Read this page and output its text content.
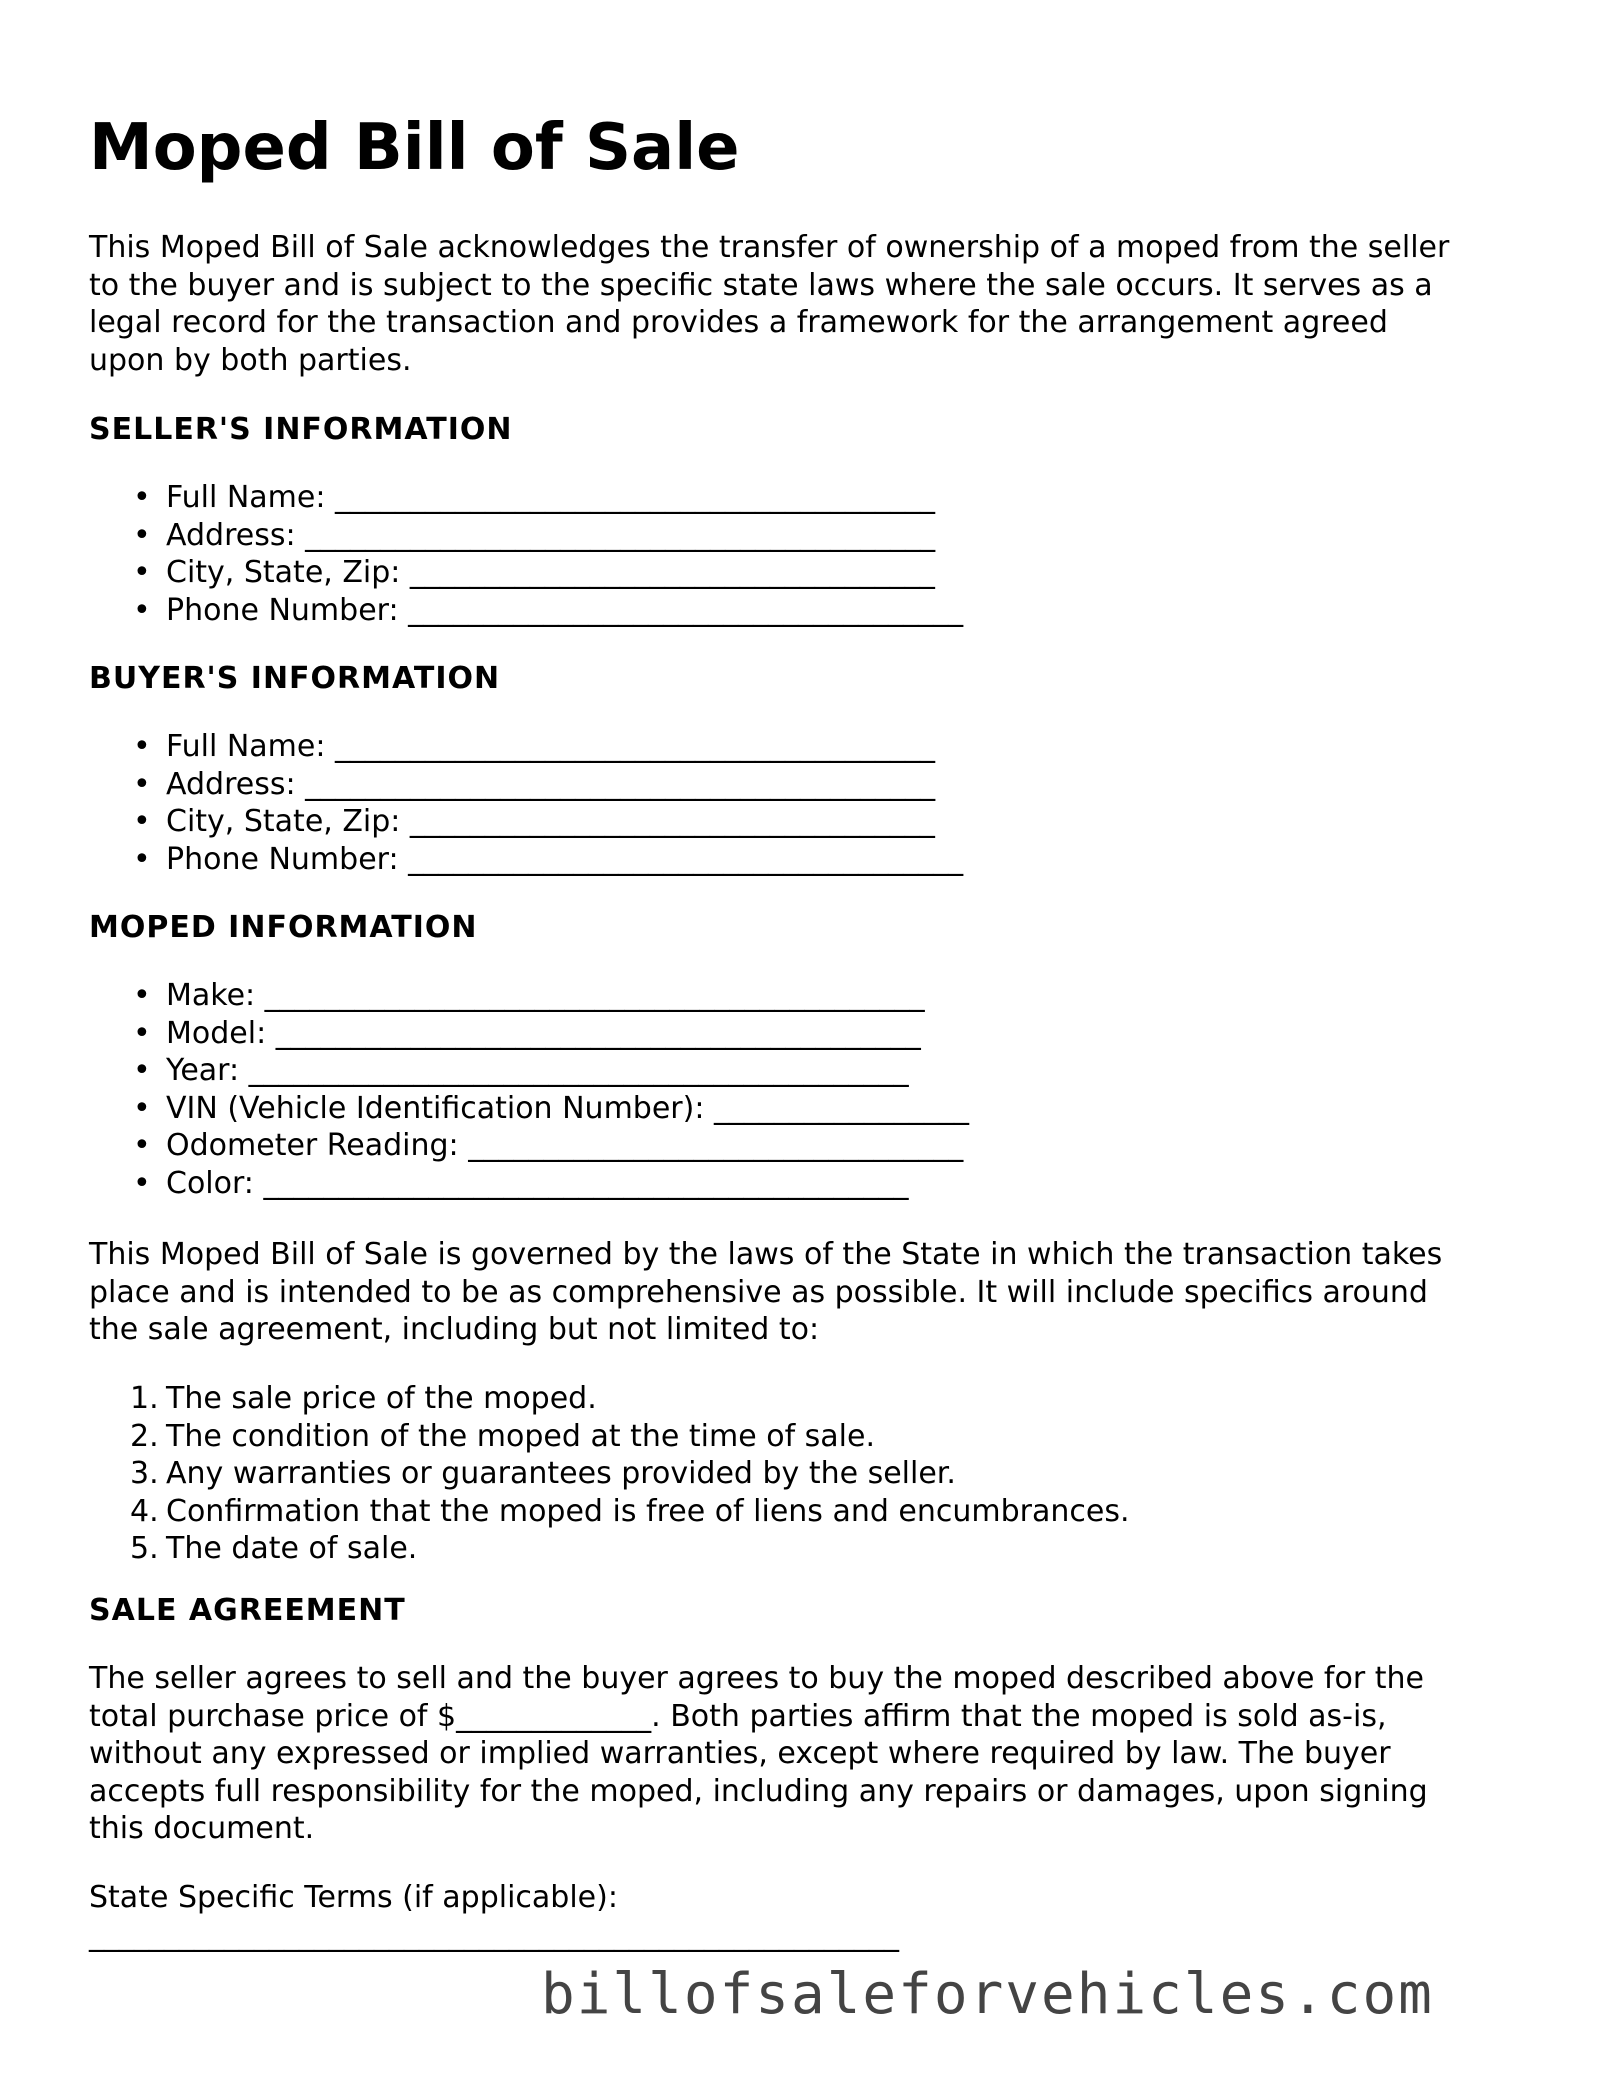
Moped Bill of Sale
This Moped Bill of Sale acknowledges the transfer of ownership of a moped from the seller
to the buyer and is subject to the specific state laws where the sale occurs. It serves as a
legal record for the transaction and provides a framework for the arrangement agreed
upon by both parties.
SELLER'S INFORMATION
• Full Name: ________________________________________
• Address: __________________________________________
• City, State, Zip: ___________________________________
• Phone Number: _____________________________________
BUYER'S INFORMATION
• Full Name: ________________________________________
• Address: __________________________________________
• City, State, Zip: ___________________________________
• Phone Number: _____________________________________
MOPED INFORMATION
• Make: ____________________________________________
• Model: ___________________________________________
• Year: ____________________________________________
• VIN (Vehicle Identification Number): _________________
• Odometer Reading: _________________________________
• Color: ___________________________________________
This Moped Bill of Sale is governed by the laws of the State in which the transaction takes
place and is intended to be as comprehensive as possible. It will include specifics around
the sale agreement, including but not limited to:
1. The sale price of the moped.
2. The condition of the moped at the time of sale.
3. Any warranties or guarantees provided by the seller.
4. Confirmation that the moped is free of liens and encumbrances.
5. The date of sale.
SALE AGREEMENT
The seller agrees to sell and the buyer agrees to buy the moped described above for the
total purchase price of $_____________. Both parties affirm that the moped is sold as-is,
without any expressed or implied warranties, except where required by law. The buyer
accepts full responsibility for the moped, including any repairs or damages, upon signing
this document.
State Specific Terms (if applicable):
______________________________________________________
billofsaleforvehicles.com
